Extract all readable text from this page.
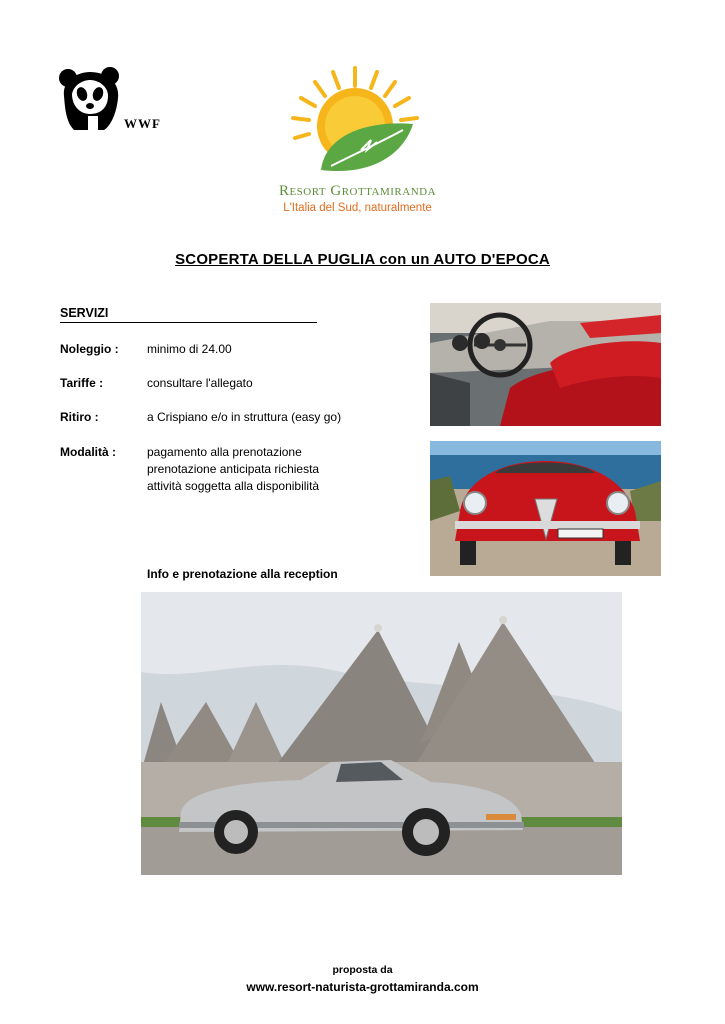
WWF
Resort Grottamiranda
L'Italia del Sud, naturalmente
SCOPERTA DELLA PUGLIA con un AUTO D'EPOCA
SERVIZI
Noleggio : minimo di 24.00
Tariffe :	consultare l'allegato
Ritiro :	a Crispiano e/o in struttura (easy go)
Modalità :	pagamento alla prenotazione
prenotazione anticipata richiesta
attività soggetta alla disponibilità
Info e prenotazione alla reception
proposta da
www.resort-naturista-grottamiranda.com
